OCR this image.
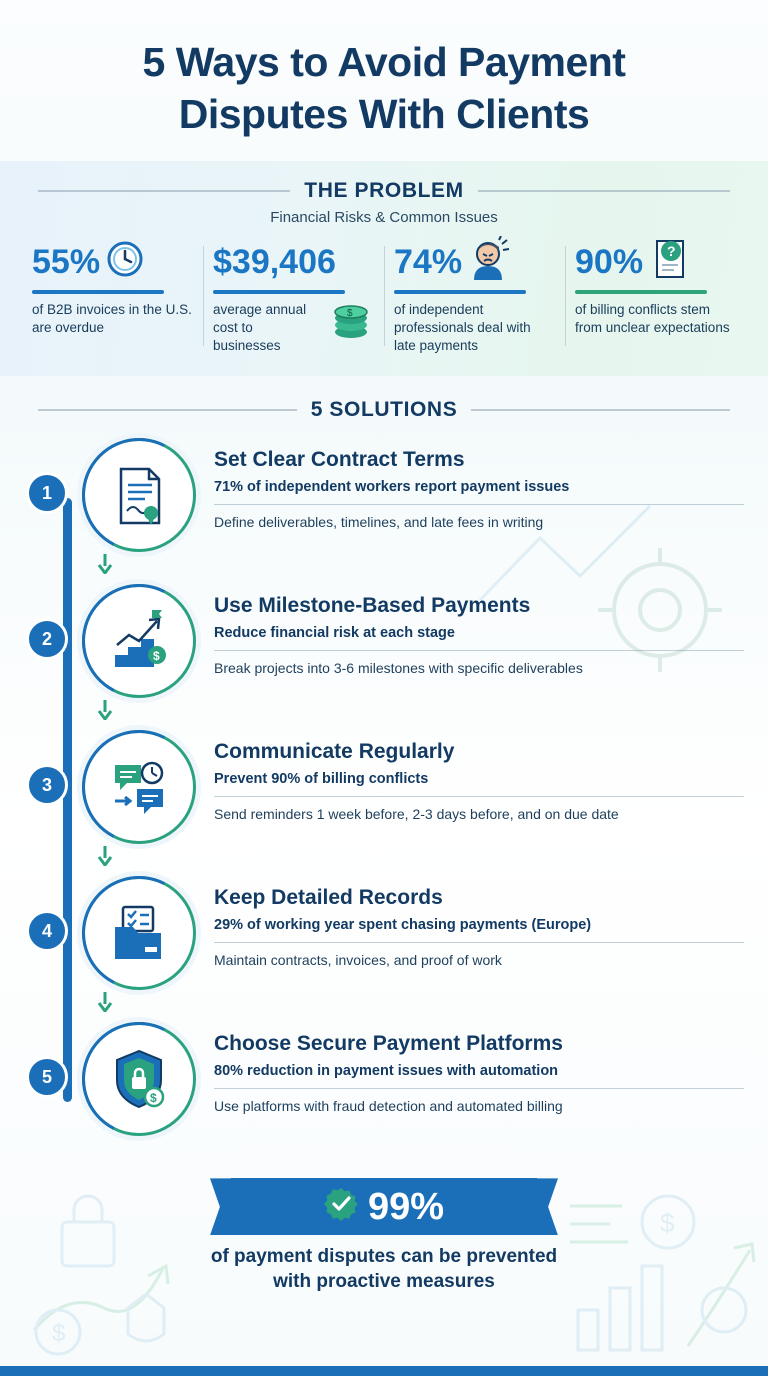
$
$
5 Ways to Avoid Payment
Disputes With Clients
THE PROBLEM
Financial Risks & Common Issues
55%
of B2B invoices in the U.S. are overdue
$39,406
average annual cost to businesses
$
74%
of independent professionals deal with late payments
90% ?
of billing conflicts stem from unclear expectations
5 SOLUTIONS
1
Set Clear Contract Terms
71% of independent workers report payment issues
Define deliverables, timelines, and late fees in writing
2
$
Use Milestone-Based Payments
Reduce financial risk at each stage
Break projects into 3-6 milestones with specific deliverables
3
Communicate Regularly
Prevent 90% of billing conflicts
Send reminders 1 week before, 2-3 days before, and on due date
4
Keep Detailed Records
29% of working year spent chasing payments (Europe)
Maintain contracts, invoices, and proof of work
5
$
Choose Secure Payment Platforms
80% reduction in payment issues with automation
Use platforms with fraud detection and automated billing
99%
of payment disputes can be prevented
with proactive measures
